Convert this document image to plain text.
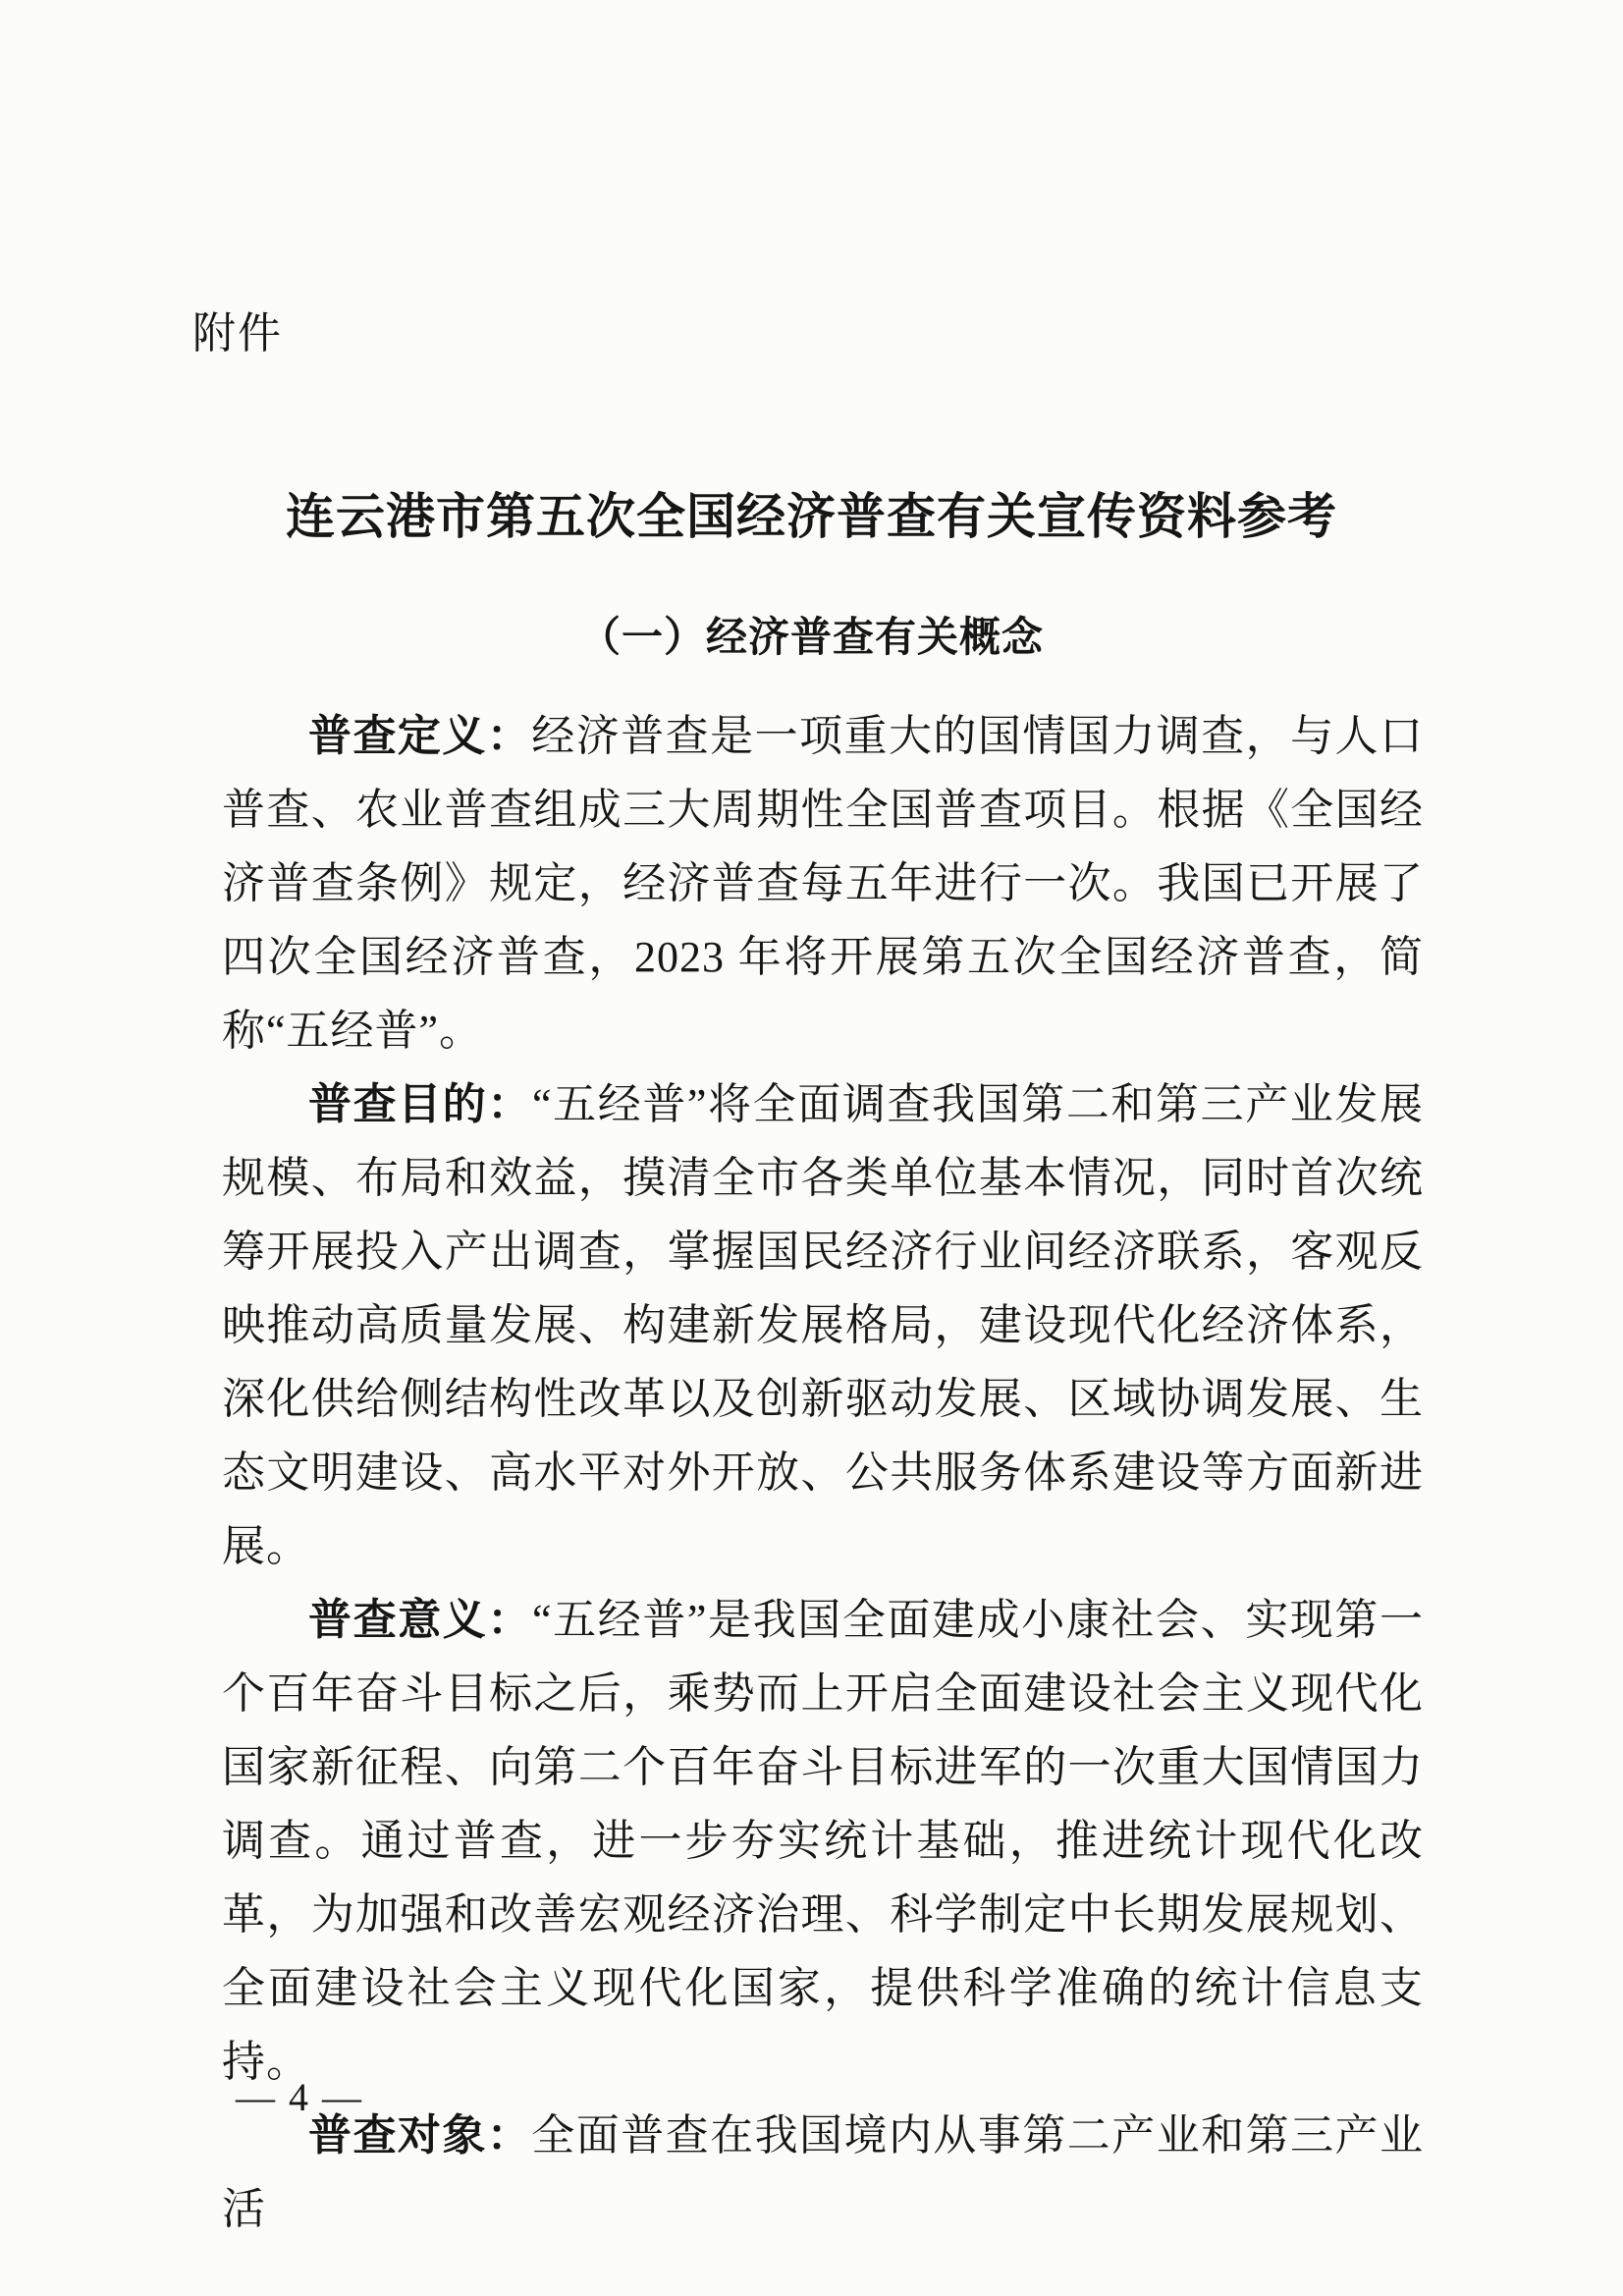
附件
连云港市第五次全国经济普查有关宣传资料参考
（一）经济普查有关概念

普查定义：经济普查是一项重大的国情国力调查，与人口普查、农业普查组成三大周期性全国普查项目。根据《全国经济普查条例》规定，经济普查每五年进行一次。我国已开展了四次全国经济普查，2023 年将开展第五次全国经济普查，简称“五经普”。

普查目的：“五经普”将全面调查我国第二和第三产业发展规模、布局和效益，摸清全市各类单位基本情况，同时首次统筹开展投入产出调查，掌握国民经济行业间经济联系，客观反映推动高质量发展、构建新发展格局，建设现代化经济体系，深化供给侧结构性改革以及创新驱动发展、区域协调发展、生态文明建设、高水平对外开放、公共服务体系建设等方面新进展。

普查意义：“五经普”是我国全面建成小康社会、实现第一个百年奋斗目标之后，乘势而上开启全面建设社会主义现代化国家新征程、向第二个百年奋斗目标进军的一次重大国情国力调查。通过普查，进一步夯实统计基础，推进统计现代化改革，为加强和改善宏观经济治理、科学制定中长期发展规划、全面建设社会主义现代化国家，提供科学准确的统计信息支持。

普查对象：全面普查在我国境内从事第二产业和第三产业活

— 4 —
